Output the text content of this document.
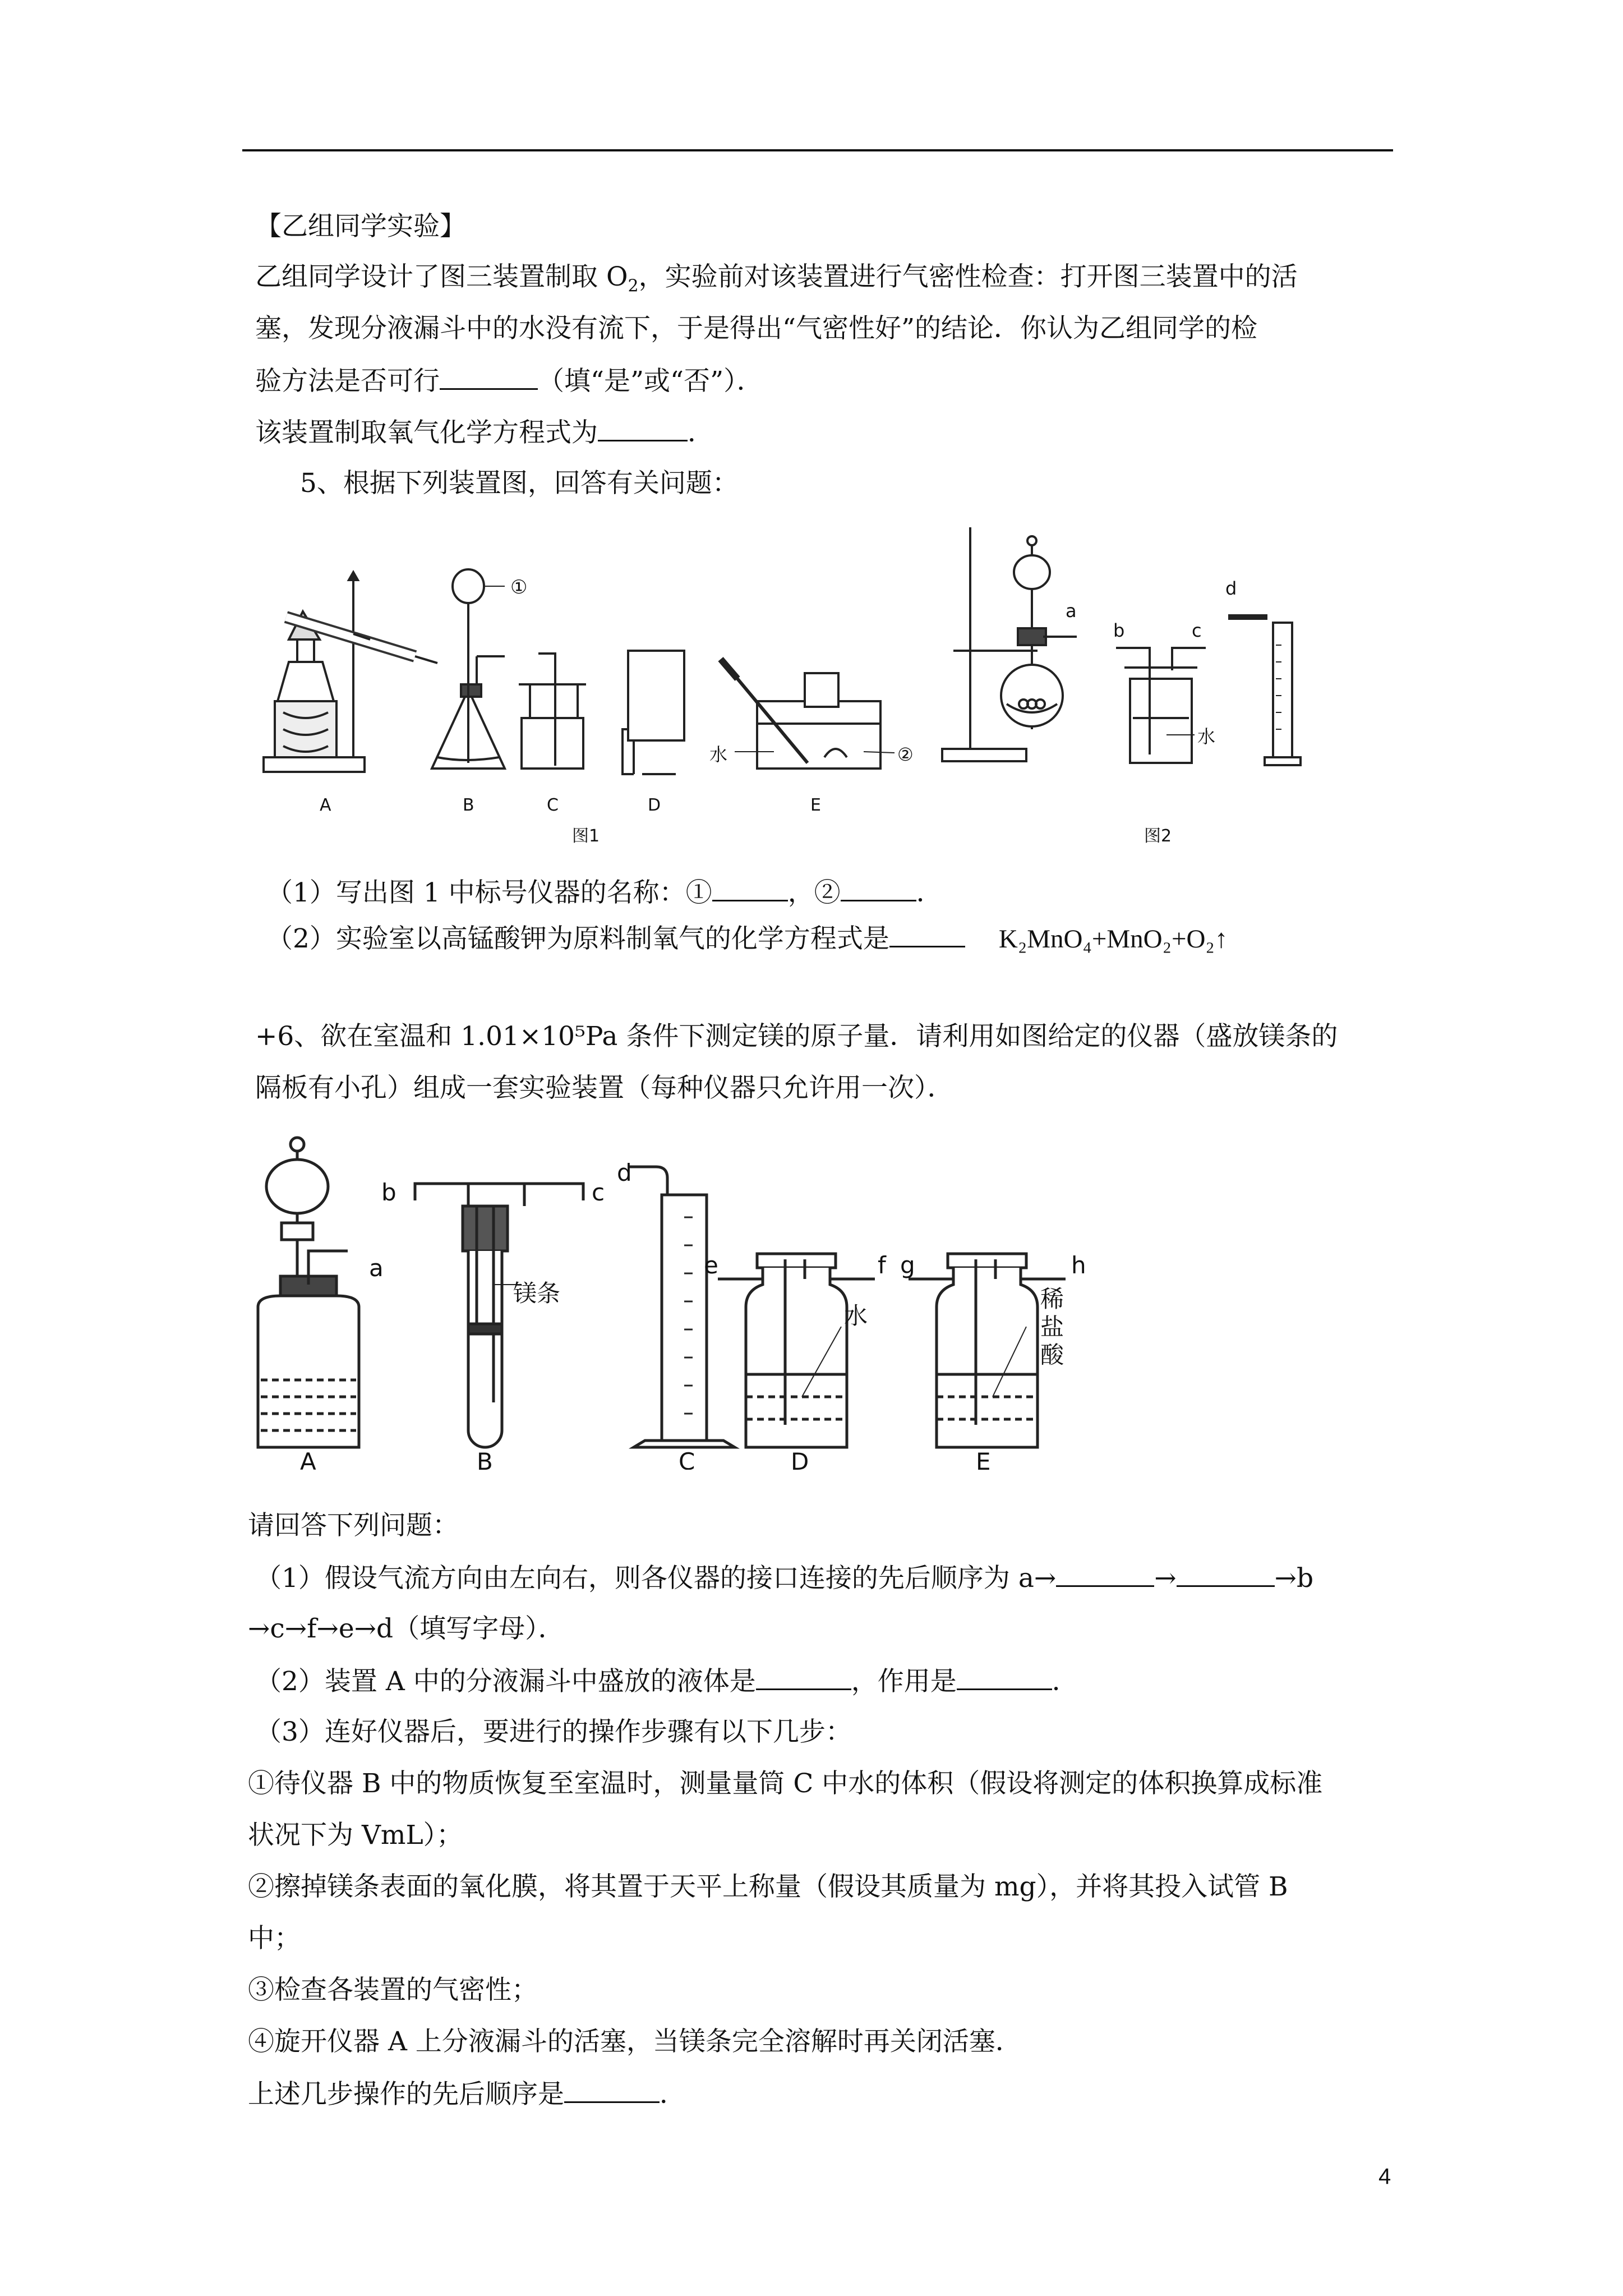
【乙组同学实验】
乙组同学设计了图三装置制取 $O_2$，实验前对该装置进行气密性检查：打开图三装置中的活
塞，发现分液漏斗中的水没有流下，于是得出“气密性好”的结论．你认为乙组同学的检
验方法是否可行	（填“是”或“否”）．
该装置制取氧气化学方程式为	．
5、根据下列装置图，回答有关问题：
①
②
水
a
水
b	c
d
A	B	C	D	E
图1	图2
（1）写出图 1 中标号仪器的名称：①	，②	．
（2）实验室以高锰酸钾为原料制氧气的化学方程式是	K₂MnO₄+MnO₂+O₂↑
+6、欲在室温和 1.01×10⁵Pa 条件下测定镁的原子量．请利用如图给定的仪器（盛放镁条的
隔板有小孔）组成一套实验装置（每种仪器只允许用一次）．
a
b	c
d
e	f g	h
镁条
水
稀
盐
酸
A	B	C	D	E
请回答下列问题：
（1）假设气流方向由左向右，则各仪器的接口连接的先后顺序为 a→	→	→b
→c→f→e→d（填写字母）．
（2）装置 A 中的分液漏斗中盛放的液体是	，作用是	．
（3）连好仪器后，要进行的操作步骤有以下几步：
①待仪器 B 中的物质恢复至室温时，测量量筒 C 中水的体积（假设将测定的体积换算成标准
状况下为 VmL）；
②擦掉镁条表面的氧化膜，将其置于天平上称量（假设其质量为 mg），并将其投入试管 B
中；
③检查各装置的气密性；
④旋开仪器 A 上分液漏斗的活塞，当镁条完全溶解时再关闭活塞．
上述几步操作的先后顺序是	．
4
